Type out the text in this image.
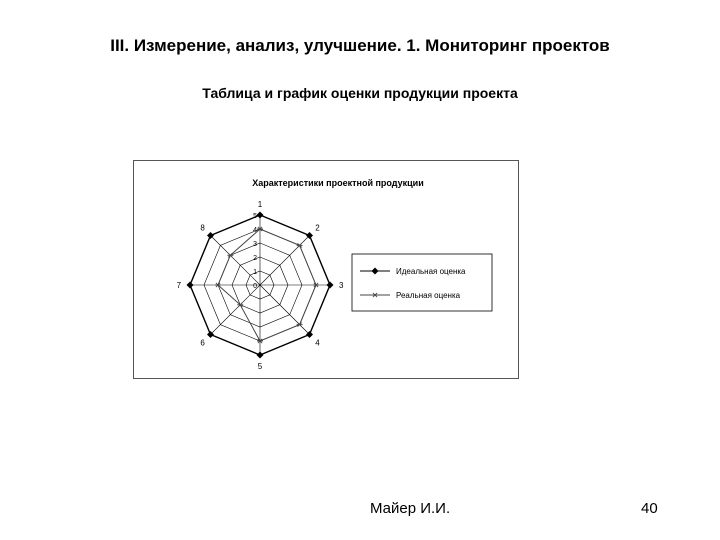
III. Измерение, анализ, улучшение. 1. Мониторинг проектов
Таблица и график оценки продукции проекта
Характеристики проектной продукции
0
1
2
3
4
5
1
2
3
4
5
6
7
8
Идеальная оценка
Реальная оценка
Майер И.И.	40
